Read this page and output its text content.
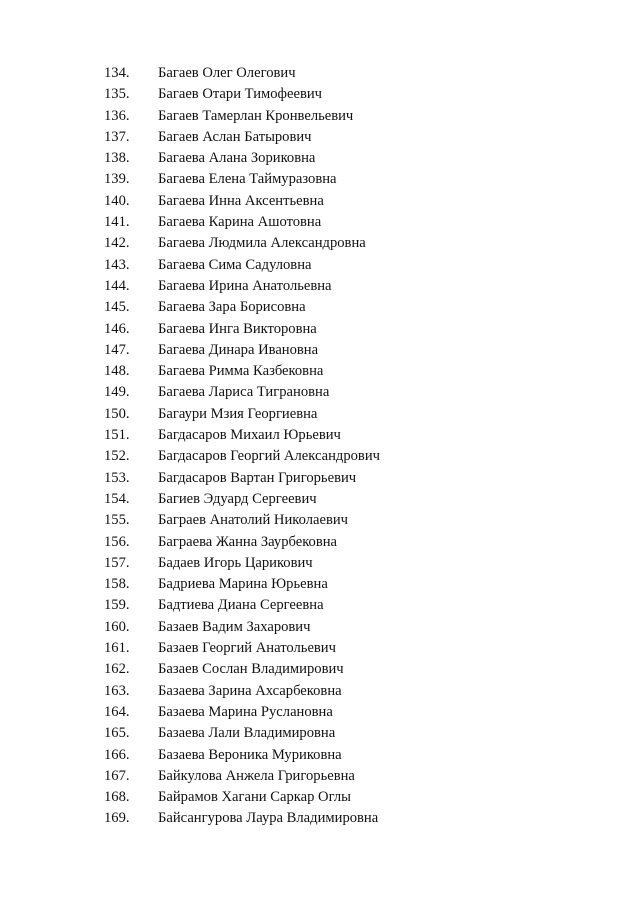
134.	Багаев Олег Олегович
135.	Багаев Отари Тимофеевич
136.	Багаев Тамерлан Кронвельевич
137.	Багаев Аслан Батырович
138.	Багаева Алана Зориковна
139.	Багаева Елена Таймуразовна
140.	Багаева Инна Аксентьевна
141.	Багаева Карина Ашотовна
142.	Багаева Людмила Александровна
143.	Багаева Сима Садуловна
144.	Багаева Ирина Анатольевна
145.	Багаева Зара Борисовна
146.	Багаева Инга Викторовна
147.	Багаева Динара Ивановна
148.	Багаева Римма Казбековна
149.	Багаева Лариса Тиграновна
150.	Багаури Мзия Георгиевна
151.	Багдасаров Михаил Юрьевич
152.	Багдасаров Георгий Александрович
153.	Багдасаров Вартан Григорьевич
154.	Багиев Эдуард Сергеевич
155.	Баграев Анатолий Николаевич
156.	Баграева Жанна Заурбековна
157.	Бадаев Игорь Царикович
158.	Бадриева Марина Юрьевна
159.	Бадтиева Диана Сергеевна
160.	Базаев Вадим Захарович
161.	Базаев Георгий Анатольевич
162.	Базаев Сослан Владимирович
163.	Базаева Зарина Ахсарбековна
164.	Базаева Марина Руслановна
165.	Базаева Лали Владимировна
166.	Базаева Вероника Муриковна
167.	Байкулова Анжела Григорьевна
168.	Байрамов Хагани Саркар Оглы
169.	Байсангурова Лаура Владимировна
